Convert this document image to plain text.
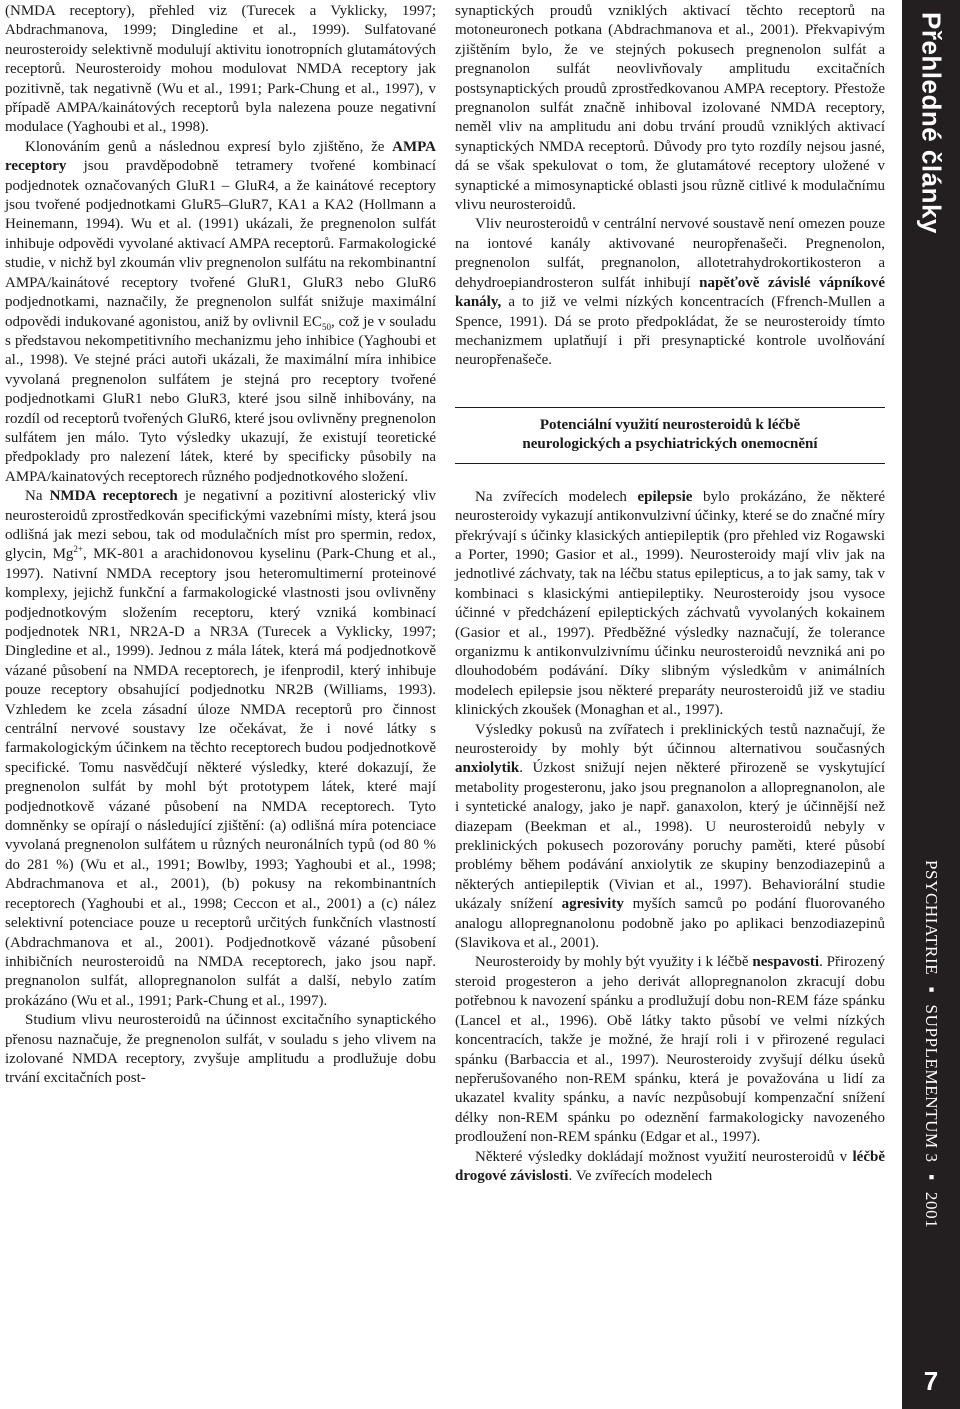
(NMDA receptory), přehled viz (Turecek a Vyklicky, 1997; Abdrachmanova, 1999; Dingledine et al., 1999). Sulfatované neurosteroidy selektivně modulují aktivitu ionotropních glutamátových receptorů. Neurosteroidy mohou modulovat NMDA receptory jak pozitivně, tak negativně (Wu et al., 1991; Park-Chung et al., 1997), v případě AMPA/kainátových receptorů byla nalezena pouze negativní modulace (Yaghoubi et al., 1998).

Klonováním genů a následnou expresí bylo zjištěno, že AMPA receptory jsou pravděpodobně tetramery tvořené kombinací podjednotek označovaných GluR1 – GluR4, a že kainátové receptory jsou tvořené podjednotkami GluR5–GluR7, KA1 a KA2 (Hollmann a Heinemann, 1994). Wu et al. (1991) ukázali, že pregnenolon sulfát inhibuje odpovědi vyvolané aktivací AMPA receptorů. Farmakologické studie, v nichž byl zkoumán vliv pregnenolon sulfátu na rekombinantní AMPA/kainátové receptory tvořené GluR1, GluR3 nebo GluR6 podjednotkami, naznačily, že pregnenolon sulfát snižuje maximální odpovědi indukované agonistou, aniž by ovlivnil $EC_{50}$, což je v souladu s představou nekompetitivního mechanizmu jeho inhibice (Yaghoubi et al., 1998). Ve stejné práci autoři ukázali, že maximální míra inhibice vyvolaná pregnenolon sulfátem je stejná pro receptory tvořené podjednotkami GluR1 nebo GluR3, které jsou silně inhibovány, na rozdíl od receptorů tvořených GluR6, které jsou ovlivněny pregnenolon sulfátem jen málo. Tyto výsledky ukazují, že existují teoretické předpoklady pro nalezení látek, které by specificky působily na AMPA/kainatových receptorech různého podjednotkového složení.

Na NMDA receptorech je negativní a pozitivní alosterický vliv neurosteroidů zprostředkován specifickými vazebními místy, která jsou odlišná jak mezi sebou, tak od modulačních míst pro spermin, redox, glycin, $Mg^{2+}$, MK-801 a arachidonovou kyselinu (Park-Chung et al., 1997). Nativní NMDA receptory jsou heteromultimerní proteinové komplexy, jejichž funkční a farmakologické vlastnosti jsou ovlivněny podjednotkovým složením receptoru, který vzniká kombinací podjednotek NR1, NR2A-D a NR3A (Turecek a Vyklicky, 1997; Dingledine et al., 1999). Jednou z mála látek, která má podjednotkově vázané působení na NMDA receptorech, je ifenprodil, který inhibuje pouze receptory obsahující podjednotku NR2B (Williams, 1993). Vzhledem ke zcela zásadní úloze NMDA receptorů pro činnost centrální nervové soustavy lze očekávat, že i nové látky s farmakologickým účinkem na těchto receptorech budou podjednotkově specifické. Tomu nasvědčují některé výsledky, které dokazují, že pregnenolon sulfát by mohl být prototypem látek, které mají podjednotkově vázané působení na NMDA receptorech. Tyto domněnky se opírají o následující zjištění: (a) odlišná míra potenciace vyvolaná pregnenolon sulfátem u různých neuronálních typů (od 80 % do 281 %) (Wu et al., 1991; Bowlby, 1993; Yaghoubi et al., 1998; Abdrachmanova et al., 2001), (b) pokusy na rekombinantních receptorech (Yaghoubi et al., 1998; Ceccon et al., 2001) a (c) nález selektivní potenciace pouze u receptorů určitých funkčních vlastností (Abdrachmanova et al., 2001). Podjednotkově vázané působení inhibičních neurosteroidů na NMDA receptorech, jako jsou např. pregnanolon sulfát, allopregnanolon sulfát a další, nebylo zatím prokázáno (Wu et al., 1991; Park-Chung et al., 1997).

Studium vlivu neurosteroidů na účinnost excitačního synaptického přenosu naznačuje, že pregnenolon sulfát, v souladu s jeho vlivem na izolované NMDA receptory, zvyšuje amplitudu a prodlužuje dobu trvání excitačních post-

synaptických proudů vzniklých aktivací těchto receptorů na motoneuronech potkana (Abdrachmanova et al., 2001). Překvapivým zjištěním bylo, že ve stejných pokusech pregnenolon sulfát a pregnanolon sulfát neovlivňovaly amplitudu excitačních postsynaptických proudů zprostředkovanou AMPA receptory. Přestože pregnanolon sulfát značně inhiboval izolované NMDA receptory, neměl vliv na amplitudu ani dobu trvání proudů vzniklých aktivací synaptických NMDA receptorů. Důvody pro tyto rozdíly nejsou jasné, dá se však spekulovat o tom, že glutamátové receptory uložené v synaptické a mimosynaptické oblasti jsou různě citlivé k modulačnímu vlivu neurosteroidů.

Vliv neurosteroidů v centrální nervové soustavě není omezen pouze na iontové kanály aktivované neuropřenašeči. Pregnenolon, pregnenolon sulfát, pregnanolon, allotetrahydrokortikosteron a dehydroepiandrosteron sulfát inhibují napěťově závislé vápníkové kanály, a to již ve velmi nízkých koncentracích (Ffrench-Mullen a Spence, 1991). Dá se proto předpokládat, že se neurosteroidy tímto mechanizmem uplatňují i při presynaptické kontrole uvolňování neuropřenašeče.

Potenciální využití neurosteroidů k léčbě
neurologických a psychiatrických onemocnění

Na zvířecích modelech epilepsie bylo prokázáno, že některé neurosteroidy vykazují antikonvulzivní účinky, které se do značné míry překrývají s účinky klasických antiepileptik (pro přehled viz Rogawski a Porter, 1990; Gasior et al., 1999). Neurosteroidy mají vliv jak na jednotlivé záchvaty, tak na léčbu status epilepticus, a to jak samy, tak v kombinaci s klasickými antiepileptiky. Neurosteroidy jsou vysoce účinné v předcházení epileptických záchvatů vyvolaných kokainem (Gasior et al., 1997). Předběžné výsledky naznačují, že tolerance organizmu k antikonvulzivnímu účinku neurosteroidů nevzniká ani po dlouhodobém podávání. Díky slibným výsledkům v animálních modelech epilepsie jsou některé preparáty neurosteroidů již ve stadiu klinických zkoušek (Monaghan et al., 1997).

Výsledky pokusů na zvířatech i preklinických testů naznačují, že neurosteroidy by mohly být účinnou alternativou současných anxiolytik. Úzkost snižují nejen některé přirozeně se vyskytující metabolity progesteronu, jako jsou pregnanolon a allopregnanolon, ale i syntetické analogy, jako je např. ganaxolon, který je účinnější než diazepam (Beekman et al., 1998). U neurosteroidů nebyly v preklinických pokusech pozorovány poruchy paměti, které působí problémy během podávání anxiolytik ze skupiny benzodiazepinů a některých antiepileptik (Vivian et al., 1997). Behaviorální studie ukázaly snížení agresivity myších samců po podání fluorovaného analogu allopregnanolonu podobně jako po aplikaci benzodiazepinů (Slavikova et al., 2001).

Neurosteroidy by mohly být využity i k léčbě nespavosti. Přirozený steroid progesteron a jeho derivát allopregnanolon zkracují dobu potřebnou k navození spánku a prodlužují dobu non-REM fáze spánku (Lancel et al., 1996). Obě látky takto působí ve velmi nízkých koncentracích, takže je možné, že hrají roli i v přirozené regulaci spánku (Barbaccia et al., 1997). Neurosteroidy zvyšují délku úseků nepřerušovaného non-REM spánku, která je považována u lidí za ukazatel kvality spánku, a navíc nezpůsobují kompenzační snížení délky non-REM spánku po odeznění farmakologicky navozeného prodloužení non-REM spánku (Edgar et al., 1997).

Některé výsledky dokládají možnost využití neurosteroidů v léčbě drogové závislosti. Ve zvířecích modelech

Přehledné články
PSYCHIATRIE ▪ SUPPLEMENTUM 3 ▪ 2001
7
